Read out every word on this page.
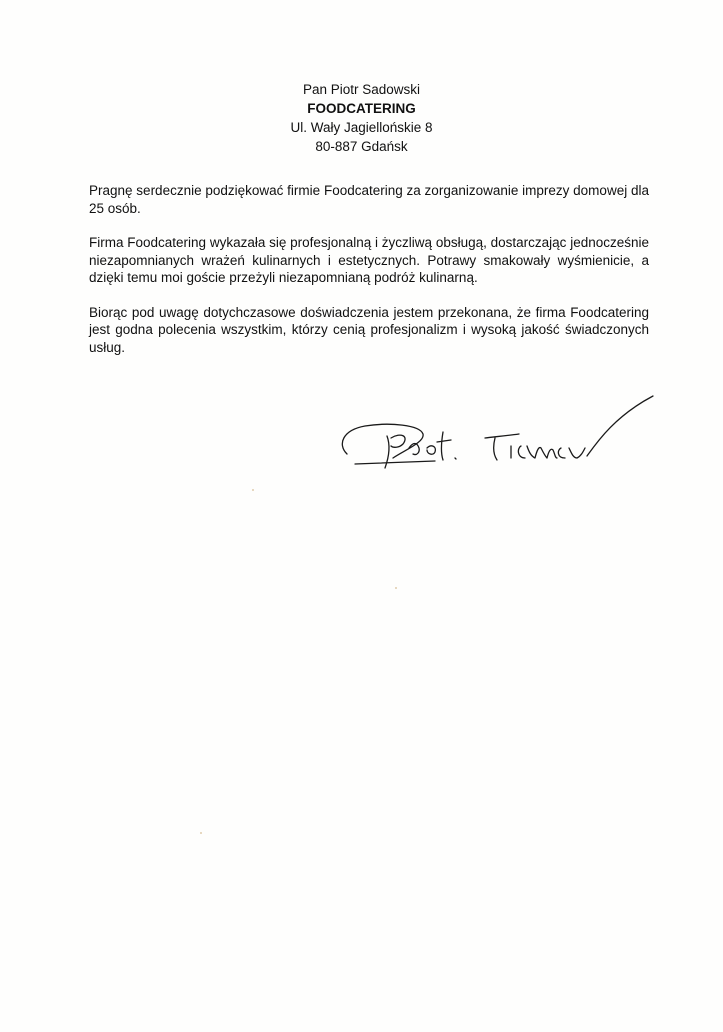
Pan Piotr Sadowski
FOODCATERING
Ul. Wały Jagiellońskie 8
80-887 Gdańsk

Pragnę serdecznie podziękować firmie Foodcatering za zorganizowanie imprezy domowej dla 25 osób.

Firma Foodcatering wykazała się profesjonalną i życzliwą obsługą, dostarczając jednocześnie niezapomnianych wrażeń kulinarnych i estetycznych. Potrawy smakowały wyśmienicie, a dzięki temu moi goście przeżyli niezapomnianą podróż kulinarną.

Biorąc pod uwagę dotychczasowe doświadczenia jestem przekonana, że firma Foodcatering jest godna polecenia wszystkim, którzy cenią profesjonalizm i wysoką jakość świadczonych usług.
